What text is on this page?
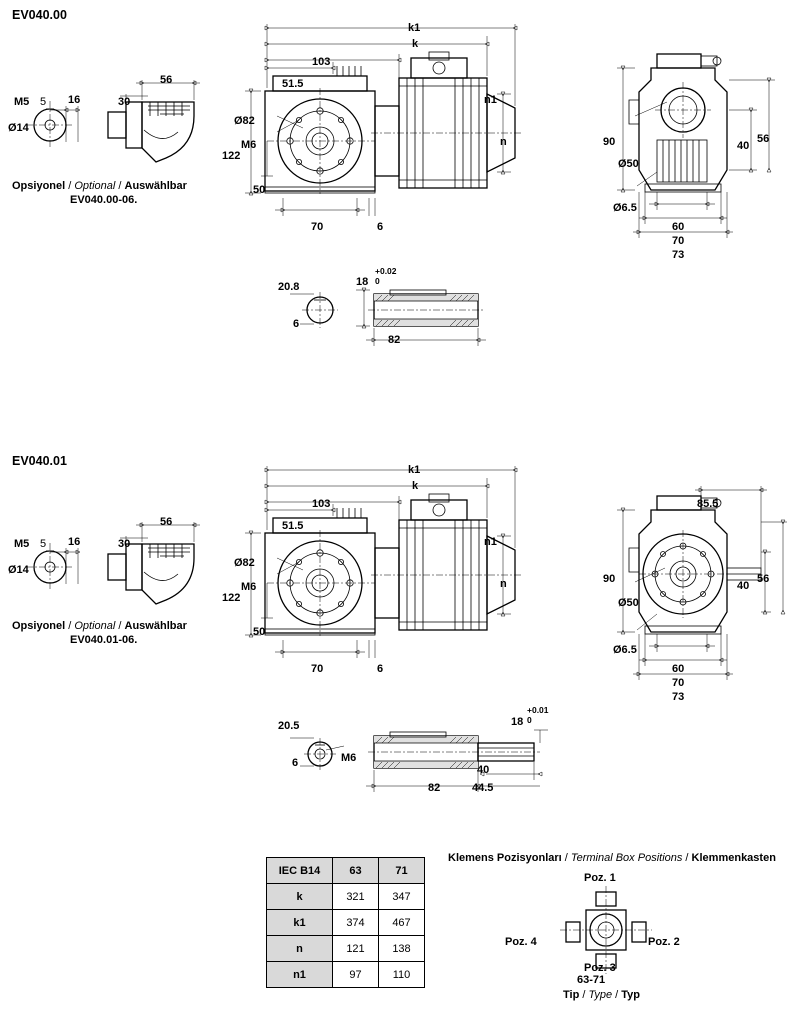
EV040.00
M5 5 16
Ø14
30
56
Opsiyonel / Optional / Auswählbar
EV040.00-06.
k1
k
103
51.5
Ø82
M6
122
50
70	6
n1
n	90
Ø50
Ø6.5
60
70
73
40
56
20.8
6
18
+0.02
0
82
EV040.01
M5 5 16
Ø14
30
56
Opsiyonel / Optional / Auswählbar
EV040.01-06.
k1
k
103
51.5
Ø82
M6
122
50
70	6
n1
n
85.5
90
Ø50
Ø6.5
60
70
73
40
56
20.5
6	M6
18
+0.01
0
82
40
44.5
IEC B14	63	71
k	321	347
k1	374	467
n	121	138
n1	97	110
Klemens Pozisyonları / Terminal Box Positions / Klemmenkasten
Poz. 1
Poz. 2
Poz. 3
Poz. 4
63-71
Tip / Type / Typ
